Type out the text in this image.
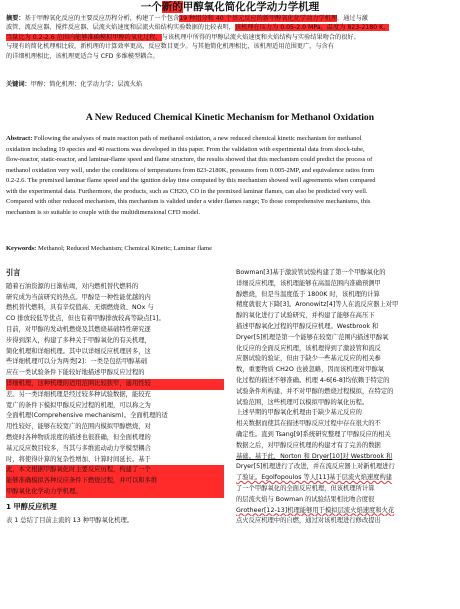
一个新的甲醇氧化简化化学动力学机理
摘要：基于甲醇氧化反应的主要反应历程分析，构建了一个包含19 种组分和 40 个基元反应的新甲醇氧化化学动力学机理。通过与激
波管、流反应器、搅拌反应器、层流火焰速度和层流火焰结构实验数据的比较表明，该机理在压力为 0.05-2.0 MPa，温度为 823-2180 K，
当量比为 0.2-2.6 范围内能够准确模拟甲醇的氧化过程，与该机理中所得的甲醇层流火焰速度和火焰结构与实验结果吻合的很好。
与现有的简化机理相比较，新机理的计算效率更高，反应数目更少。与其他简化机理相比，该机理适用范围更广，与含有
的详细机理相比，该机理更适合与 CFD 多维模型耦合。
关键词：甲醇；简化机理；化学动力学；层流火焰
A New Reduced Chemical Kinetic Mechanism for Methanol Oxidation
Abstract: Following the analyses of main reaction path of methanol oxidation, a new reduced chemical kinetic mechanism for methanol
oxidation including 19 species and 40 reactions was developed in this paper. From the validation with experimental data from shock-tube,
flow-reactor, static-reactor, and laminar-flame speed and flame structure, the results showed that this mechanism could predict the process of
methanol oxidation very well, under the conditions of temperatures from 823-2180K, pressures from 0.005-2MP, and equivalence ratios from
0.2-2.6. The premixed laminar flame speed and the ignition delay time computed by this mechanism showed well agreements when compared
with the experimental data. Furthermore, the products, such as CH2O, CO in the premixed laminar flames, can also be predicted very well.
Compared with other reduced mechanism, this mechanism is valided under a wider flames range; To those comprehensive mechanisms, this
mechanism is so suitable to couple with the multidimensional CFD model.
Keywords: Methanol; Reduced Mechanism; Chemical Kinetic; Laminar flame
引言
随着石油资源的日渐枯竭，对内燃机替代燃料的
研究成为当前研究的热点。甲醇是一种性能优越的内
燃机替代燃料，具有辛烷值高、无烟燃烧效、NOx 与
CO 排放较低等优点，但也有着甲醇排放较高等缺点[1]。
目前，对甲醇的发动机燃烧及其燃烧基础特性研究逐
步得到深入，构建了多种关于甲醇氧化的有关机理，
简化机理和详细机理。其中以详细反应机理居多，这
些详细机理可以分为两类[2]：一类是包括甲醇基础
应在一类试验条件下能较好地描述甲醇反应过程的
详细机理，这种机理的适用范围比较狭窄，通用性较
差。另一类详细机理是经过较多种试验数据，能较充
宽广的条件下模拟甲醇反应过程的机理，可以称之为
全面机理(Comprehensive mechanism)。全面机理的适
用性较好，能够在较宽广的范围内模拟甲醇燃烧，对
燃烧时各种物质浓度的描述也很准确，但全面机理的
基元反应数目较多，当其与多维流动动力学模型耦合
时，将使得计算的复杂性增加、计算时间延长。基于
此，本文根据甲醇氧化时主要反应历程，构建了一个
能够准确模拟各种反应条件下燃烧过程，并可以和多维
甲醇氧化化学动力学机理。
1 甲醇反应机理
表 1 总结了目前主流的 13 种甲醇氧化机理。
Bowman[3]基于激波管试验构建了第一个甲醇氧化的
详细反应机理，该机理能够在高温范围内准确预测甲
醇燃烧，但是当温度低于 1800K 时，该机理的计算
精度就很大下降[3]。Aronowitz[4]等人在流反应器上对甲
醇的氧化进行了试验研究，并构建了能够在高压下
描述甲醇氧化过程的甲醇反应机理。Westbrook 和
Dryer[5]机理是第一个能够在较宽广范围内描述甲醇氧
化反应的全面反应机理，该机理得到了激波管和流反
应器试验的验证，但由于缺少一些基元反应的相关参
数，重要物质 CH2O 也被忽略，因而该机理对甲醇氧
化过程的描述不够准确。机理 4-6[6-8]均依赖于特定的
试验条件所构建，并不对甲醇的燃烧过程模拟，在特定的
试验范围，这些机理可以模拟甲醇的氧化历程。
上述早期的甲醇氧化机理由于缺少基元反应的
相关数据而使其在描述甲醇反应过程中存在很大的不
确定性。直到 Tsang[9]系统研究整理了甲醇反应的相关
数据之后，对甲醇反应机理的构建才有了完善的数据
基础。基于此，Norton 和 Dryer[10]对 Westbrook 和
Dryer[5]机理进行了改进，并在流反应器上对新机理进行
了验证。Egolfopoulos 等人[11]基于层流火焰速度构建
了一个甲醇氧化的全面反应机理，但该机理所计算
的层流火焰与 Bowman 的试验结果相比吻合度很
Grotheer[12-13]机理能够用于模拟层流火焰速度和火花
点火反应机理中的自燃，通过对该机理进行修改提出
